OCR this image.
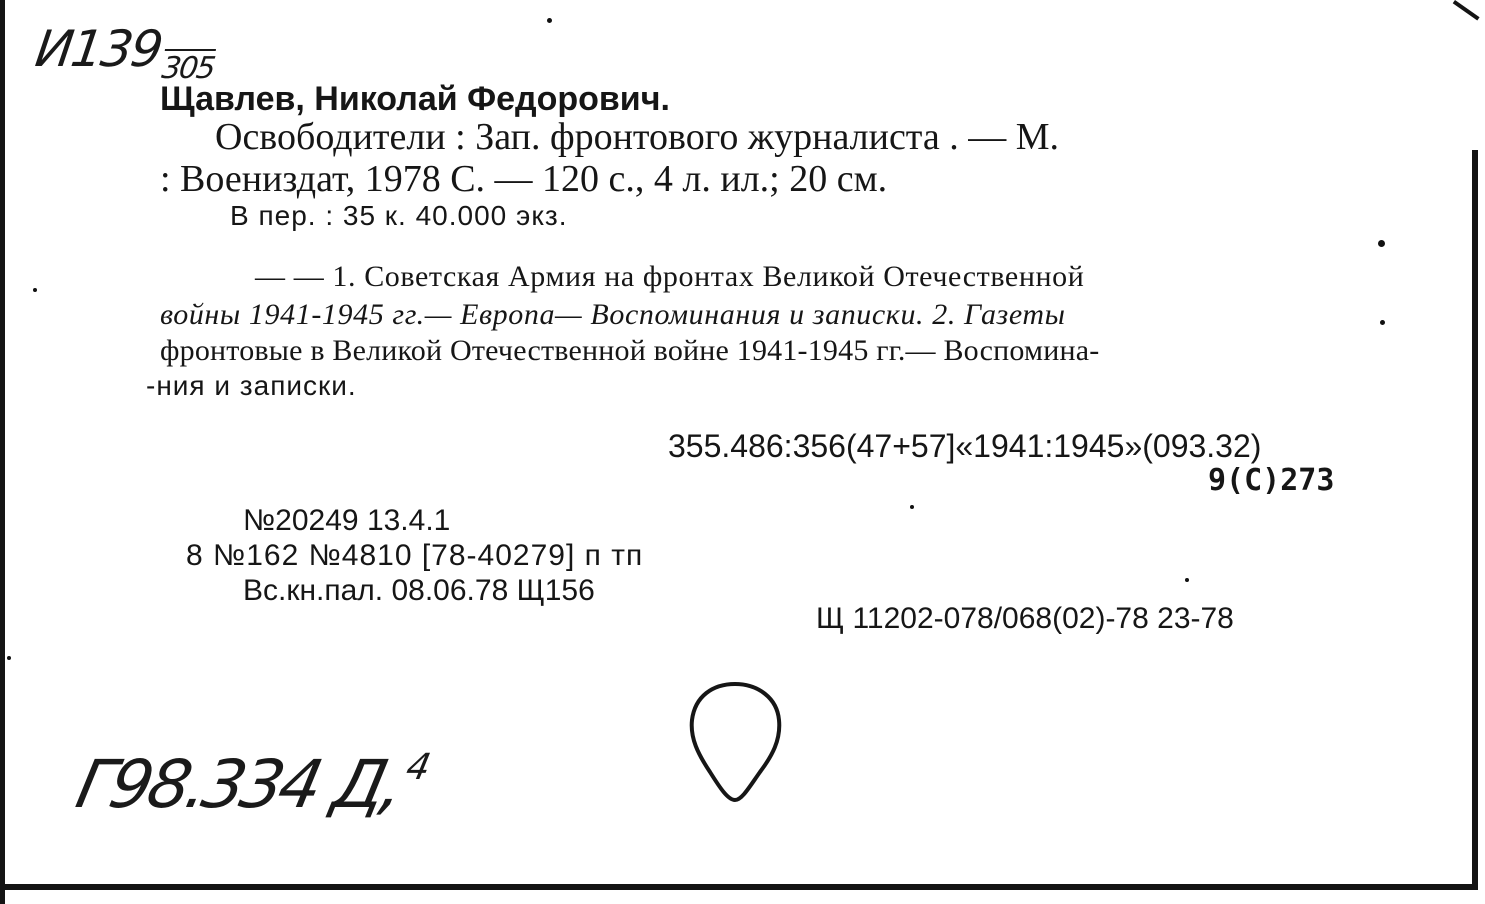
$И139_{305}$
Щавлев, Николай Федорович.
Освободители : Зап. фронтового журналиста . — М.
: Воениздат, 1978 С. — 120 с., 4 л. ил.; 20 см.
В пер. : 35 к. 40.000 экз.
— — 1. Советская Армия на фронтах Великой Отечественной
войны 1941-1945 гг.— Европа— Воспоминания и записки. 2. Газеты
фронтовые в Великой Отечественной войне 1941-1945 гг.— Воспомина-
-ния и записки.
355.486:356(47+57]«1941:1945»(093.32)
9(С)273
№20249 13.4.1
8 №162 №4810 [78-40279] п тп
Вс.кн.пал. 08.06.78 Щ156
Щ 11202-078/068(02)-78 23-78
Г98.334 Д,$^4$
